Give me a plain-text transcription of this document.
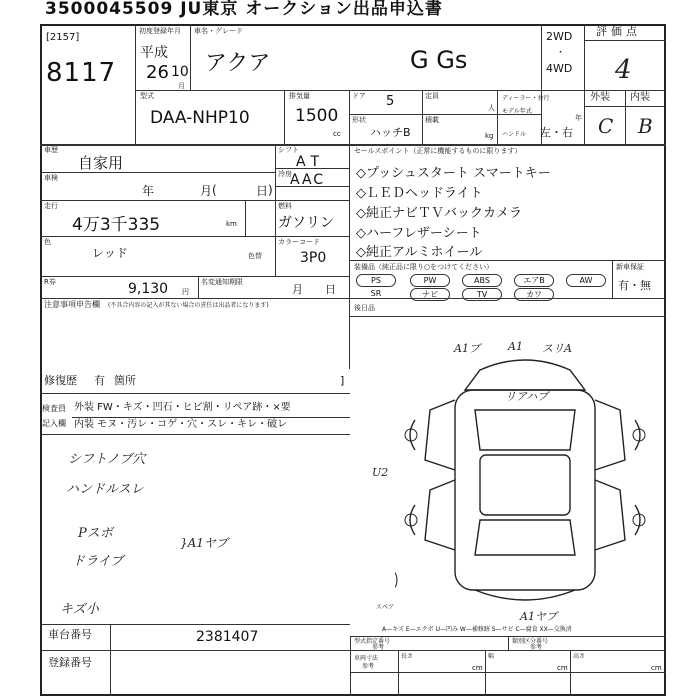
3500045509 JU東京 オークション出品申込書
[2157]
8117
初度登録年月
平成
26 10
月
車名・グレード
アクア	G Gs
2WD
・
4WD
評価点
4
外装 内装
C B
型式
DAA-NHP10
排気量
1500
cc
ドア 5
形状
ハッチB
定員
人
積載
kg
ディーラー・並行
モデル年式
年
ハンドル 左・右
車歴
自家用
車検
年	月 (	日 )
シフト
AT
冷房
AAC
燃料
ガソリン
走行
4万3千335	km
色
レッド	色替
カラーコード
3P0
R券	9,130 円
名変通知期限
月 日
セールスポイント（正常に機能するものに限ります）
◇プッシュスタート スマートキー
◇ＬＥＤヘッドライト
◇純正ナビＴＶバックカメラ
◇ハーフレザーシート
◇純正アルミホイール
装備品（純正品に限り○をつけてください）
PS	PW	ABS	エアB	AW
SR	ナビ	TV	カワ
新車保証
有・無
後日品
注意事項申告欄 (不具合内容の記入が其ない場合の責任は出品者になります)
修復歴 有 箇所	]
検査員
記入欄
外装 FW・キズ・凹石・ヒビ割・リペア跡・×要
内装 モヌ・汚レ・コゲ・穴・スレ・キレ・破レ
シフトノブ穴
ハンドルスレ
Pスボ
ドライブ
キズ小
}A1ヤブ
スペア
A1ブ	A1 スリA
リアハブ
U2
A1ヤブ
A—キズ E—エクボ U—凹み W—補修跡 S—サビ C—腐食 XX—交換済
車台番号	2381407
登録番号
型式指定番号
参考
類別区分番号
参考
車両寸法
参考
長さ
cm
幅
cm
高さ
cm
